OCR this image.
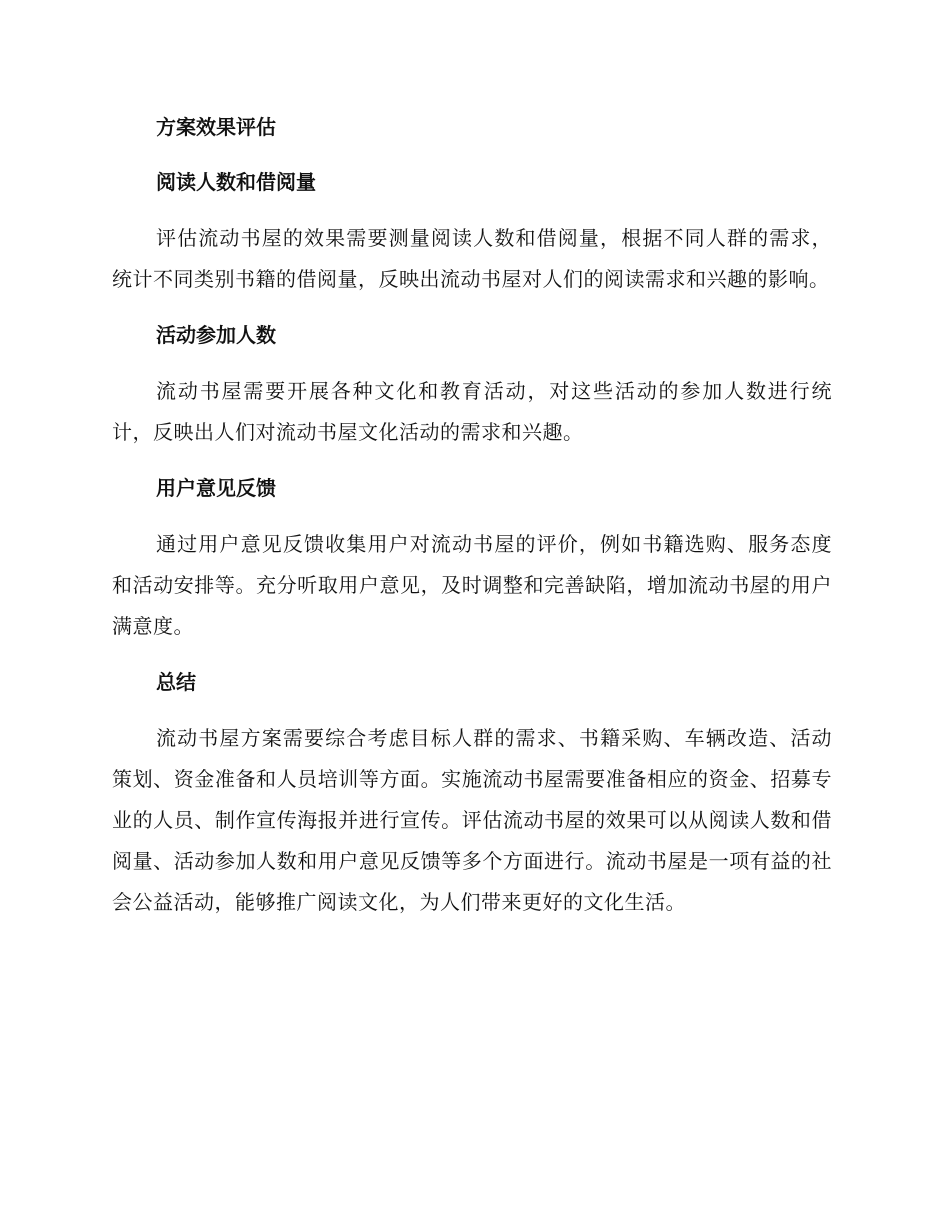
方案效果评估
阅读人数和借阅量

评估流动书屋的效果需要测量阅读人数和借阅量，根据不同人群的需求，统计不同类别书籍的借阅量，反映出流动书屋对人们的阅读需求和兴趣的影响。

活动参加人数

流动书屋需要开展各种文化和教育活动，对这些活动的参加人数进行统计，反映出人们对流动书屋文化活动的需求和兴趣。

用户意见反馈

通过用户意见反馈收集用户对流动书屋的评价，例如书籍选购、服务态度和活动安排等。充分听取用户意见，及时调整和完善缺陷，增加流动书屋的用户满意度。

总结

流动书屋方案需要综合考虑目标人群的需求、书籍采购、车辆改造、活动策划、资金准备和人员培训等方面。实施流动书屋需要准备相应的资金、招募专业的人员、制作宣传海报并进行宣传。评估流动书屋的效果可以从阅读人数和借阅量、活动参加人数和用户意见反馈等多个方面进行。流动书屋是一项有益的社会公益活动，能够推广阅读文化，为人们带来更好的文化生活。
